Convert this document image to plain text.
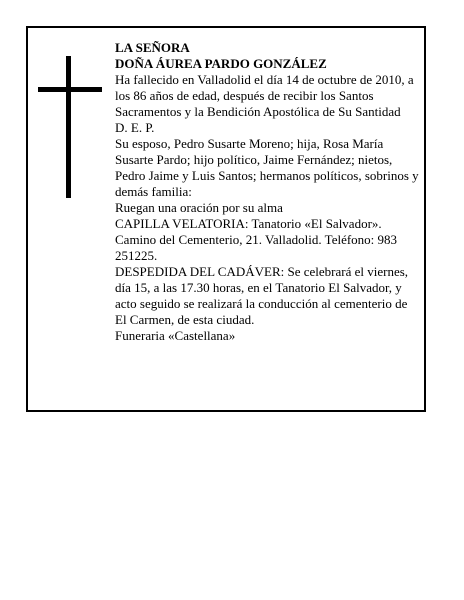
LA SEÑORA

DOÑA ÁUREA PARDO GONZÁLEZ

Ha fallecido en Valladolid el día 14 de octubre de 2010, a los 86 años de edad, después de recibir los Santos Sacramentos y la Bendición Apostólica de Su Santidad

D. E. P.

Su esposo, Pedro Susarte Moreno; hija, Rosa María Susarte Pardo; hijo político, Jaime Fernández; nietos, Pedro Jaime y Luis Santos; hermanos políticos, sobrinos y demás familia:

Ruegan una oración por su alma

CAPILLA VELATORIA: Tanatorio «El Salvador». Camino del Cementerio, 21. Valladolid. Teléfono: 983 251225.

DESPEDIDA DEL CADÁVER: Se celebrará el viernes, día 15, a las 17.30 horas, en el Tanatorio El Salvador, y acto seguido se realizará la conducción al cementerio de El Carmen, de esta ciudad.

Funeraria «Castellana»
